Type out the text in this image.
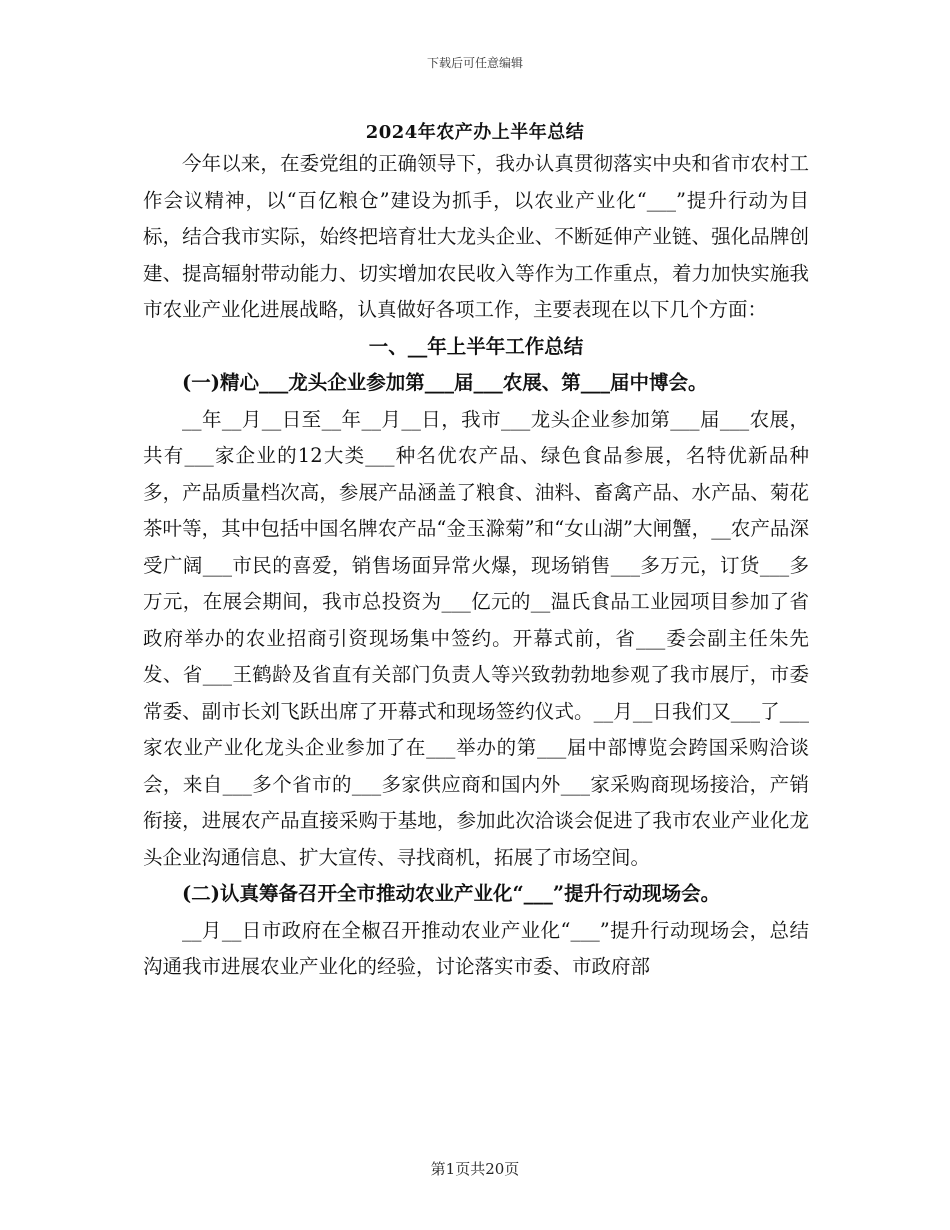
下载后可任意编辑
2024年农产办上半年总结

今年以来，在委党组的正确领导下，我办认真贯彻落实中央和省市农村工作会议精神，以“百亿粮仓”建设为抓手，以农业产业化“___”提升行动为目标，结合我市实际，始终把培育壮大龙头企业、不断延伸产业链、强化品牌创建、提高辐射带动能力、切实增加农民收入等作为工作重点，着力加快实施我市农业产业化进展战略，认真做好各项工作，主要表现在以下几个方面：

一、__年上半年工作总结

(一)精心___龙头企业参加第___届___农展、第___届中博会。

__年__月__日至__年__月__日，我市___龙头企业参加第___届___农展，共有___家企业的12大类___种名优农产品、绿色食品参展，名特优新品种多，产品质量档次高，参展产品涵盖了粮食、油料、畜禽产品、水产品、菊花茶叶等，其中包括中国名牌农产品“金玉滁菊”和“女山湖”大闸蟹，__农产品深受广阔___市民的喜爱，销售场面异常火爆，现场销售___多万元，订货___多万元，在展会期间，我市总投资为___亿元的__温氏食品工业园项目参加了省政府举办的农业招商引资现场集中签约。开幕式前，省___委会副主任朱先发、省___王鹤龄及省直有关部门负责人等兴致勃勃地参观了我市展厅，市委常委、副市长刘飞跃出席了开幕式和现场签约仪式。__月__日我们又___了___家农业产业化龙头企业参加了在___举办的第___届中部博览会跨国采购洽谈会，来自___多个省市的___多家供应商和国内外___家采购商现场接洽，产销衔接，进展农产品直接采购于基地，参加此次洽谈会促进了我市农业产业化龙头企业沟通信息、扩大宣传、寻找商机，拓展了市场空间。

(二)认真筹备召开全市推动农业产业化“___”提升行动现场会。

__月__日市政府在全椒召开推动农业产业化“___”提升行动现场会，总结沟通我市进展农业产业化的经验，讨论落实市委、市政府部

第1页共20页
